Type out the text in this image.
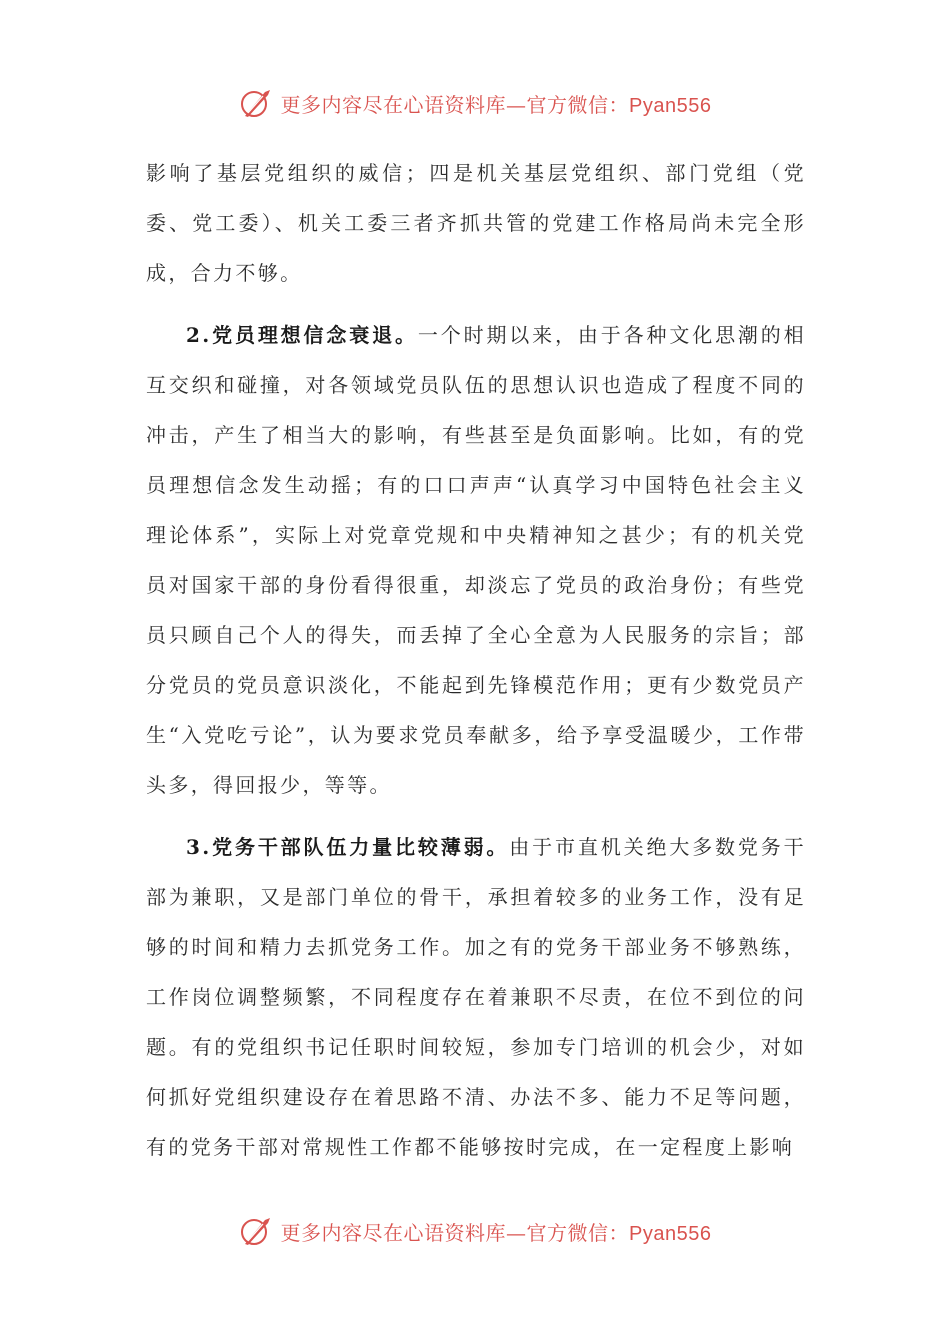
更多内容尽在心语资料库—官方微信：Pyan556

影响了基层党组织的威信；四是机关基层党组织、部门党组（党委、党工委）、机关工委三者齐抓共管的党建工作格局尚未完全形成，合力不够。

2.党员理想信念衰退。一个时期以来，由于各种文化思潮的相互交织和碰撞，对各领域党员队伍的思想认识也造成了程度不同的冲击，产生了相当大的影响，有些甚至是负面影响。比如，有的党员理想信念发生动摇；有的口口声声“认真学习中国特色社会主义理论体系”，实际上对党章党规和中央精神知之甚少；有的机关党员对国家干部的身份看得很重，却淡忘了党员的政治身份；有些党员只顾自己个人的得失，而丢掉了全心全意为人民服务的宗旨；部分党员的党员意识淡化，不能起到先锋模范作用；更有少数党员产生“入党吃亏论”，认为要求党员奉献多，给予享受温暖少，工作带头多，得回报少，等等。

3.党务干部队伍力量比较薄弱。由于市直机关绝大多数党务干部为兼职，又是部门单位的骨干，承担着较多的业务工作，没有足够的时间和精力去抓党务工作。加之有的党务干部业务不够熟练，工作岗位调整频繁，不同程度存在着兼职不尽责，在位不到位的问题。有的党组织书记任职时间较短，参加专门培训的机会少，对如何抓好党组织建设存在着思路不清、办法不多、能力不足等问题，有的党务干部对常规性工作都不能够按时完成，在一定程度上影响

更多内容尽在心语资料库—官方微信：Pyan556
